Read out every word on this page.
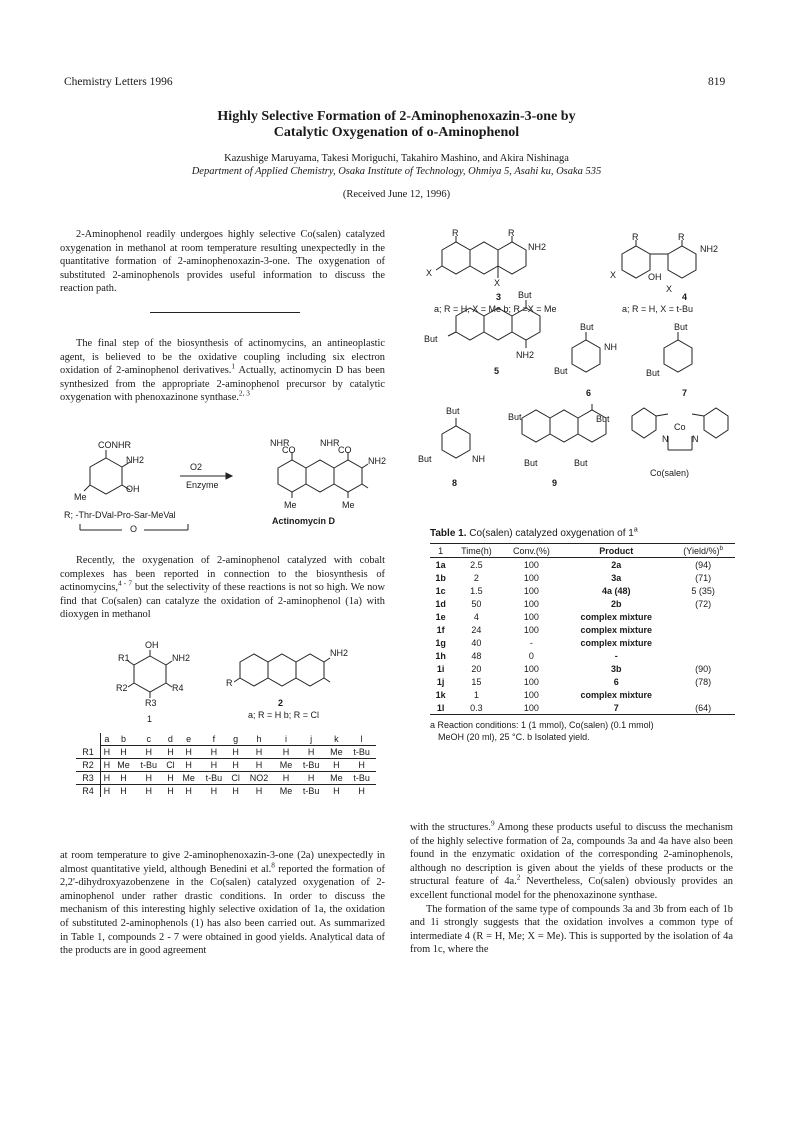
Chemistry Letters 1996	819
Highly Selective Formation of 2-Aminophenoxazin-3-one by
Catalytic Oxygenation of o-Aminophenol
Kazushige Maruyama, Takesi Moriguchi, Takahiro Mashino, and Akira Nishinaga
Department of Applied Chemistry, Osaka Institute of Technology, Ohmiya 5, Asahi ku, Osaka 535
(Received June 12, 1996)

2-Aminophenol readily undergoes highly selective Co(salen) catalyzed oxygenation in methanol at room temperature resulting unexpectedly in the quantitative formation of 2-aminophenoxazin-3-one. The oxygenation of substituted 2-aminophenols provides useful information to discuss the reaction path.

The final step of the biosynthesis of actinomycins, an antineoplastic agent, is believed to be the oxidative coupling including six electron oxidation of 2-aminophenol derivatives.$^1$ Actually, actinomycin D has been synthesized from the appropriate 2-aminophenol precursor by catalytic oxygenation with phenoxazinone synthase.$^{2, 3}$

CONHR
NH2
OH
Me
O2
Enzyme
NHR	NHR
CO	CO
NH2
Me	Me
Actinomycin D
R; -Thr-DVal-Pro-Sar-MeVal
O

Recently, the oxygenation of 2-aminophenol catalyzed with cobalt complexes has been reported in connection to the biosynthesis of actinomycins,$^{4 - 7}$ but the selectivity of these reactions is not so high. We now find that Co(salen) can catalyze the oxidation of 2-aminophenol (1a) with dioxygen in methanol

OH
R1	NH2
R2	R4
R3
1
NH2
R
2
a; R = H b; R = Cl
	a	b	c	d	e	f	g	h	i	j	k	l
R1	H	H	H	H	H	H	H	H	H	H	Me	t-Bu
R2	H	Me	t-Bu	Cl	H	H	H	H	Me	t-Bu	H	H
R3	H	H	H	H	Me	t-Bu	Cl	NO2	H	H	Me	t-Bu
R4	H	H	H	H	H	H	H	H	Me	t-Bu	H	H

at room temperature to give 2-aminophenoxazin-3-one (2a) unexpectedly in almost quantitative yield, although Benedini et al.$^8$ reported the formation of 2,2'-dihydroxyazobenzene in the Co(salen) catalyzed oxygenation of 2-aminophenol under rather drastic conditions. In order to discuss the mechanism of this interesting highly selective oxidation of 1a, the oxidation of substituted 2-aminophenols (1) has also been carried out. As summarized in Table 1, compounds 2 - 7 were obtained in good yields. Analytical data of the products are in good agreement

R	R
NH2
X
X
3
a; R = H, X = Me b; R =X = Me
R	R
NH2
X	OH
X
4
a; R = H, X = t-Bu
But
But
NH2
5
But
But
NH
6
But
But
7
But
But	NH
8
But	But
But	But
9
Co
N	N
Co(salen)
Table 1. Co(salen) catalyzed oxygenation of 1$^a$
1	Time(h)	Conv.(%)	Product	(Yield/%)$^b$
1a	2.5	100	2a	(94)
1b	2	100	3a	(71)
1c	1.5	100	4a (48)	5 (35)
1d	50	100	2b	(72)
1e	4	100	complex mixture	
1f	24	100	complex mixture	
1g	40	-	complex mixture	
1h	48	0	-	
1i	20	100	3b	(90)
1j	15	100	6	(78)
1k	1	100	complex mixture	
1l	0.3	100	7	(64)
a Reaction conditions: 1 (1 mmol), Co(salen) (0.1 mmol)
MeOH (20 ml), 25 °C. b Isolated yield.

with the structures.$^9$ Among these products useful to discuss the mechanism of the highly selective formation of 2a, compounds 3a and 4a have also been found in the enzymatic oxidation of the corresponding 2-aminophenols, although no description is given about the yields of these products or the structural feature of 4a.$^2$ Nevertheless, Co(salen) obviously provides an excellent functional model for the phenoxazinone synthase.

The formation of the same type of compounds 3a and 3b from each of 1b and 1i strongly suggests that the oxidation involves a common type of intermediate 4 (R = H, Me; X = Me). This is supported by the isolation of 4a from 1c, where the
